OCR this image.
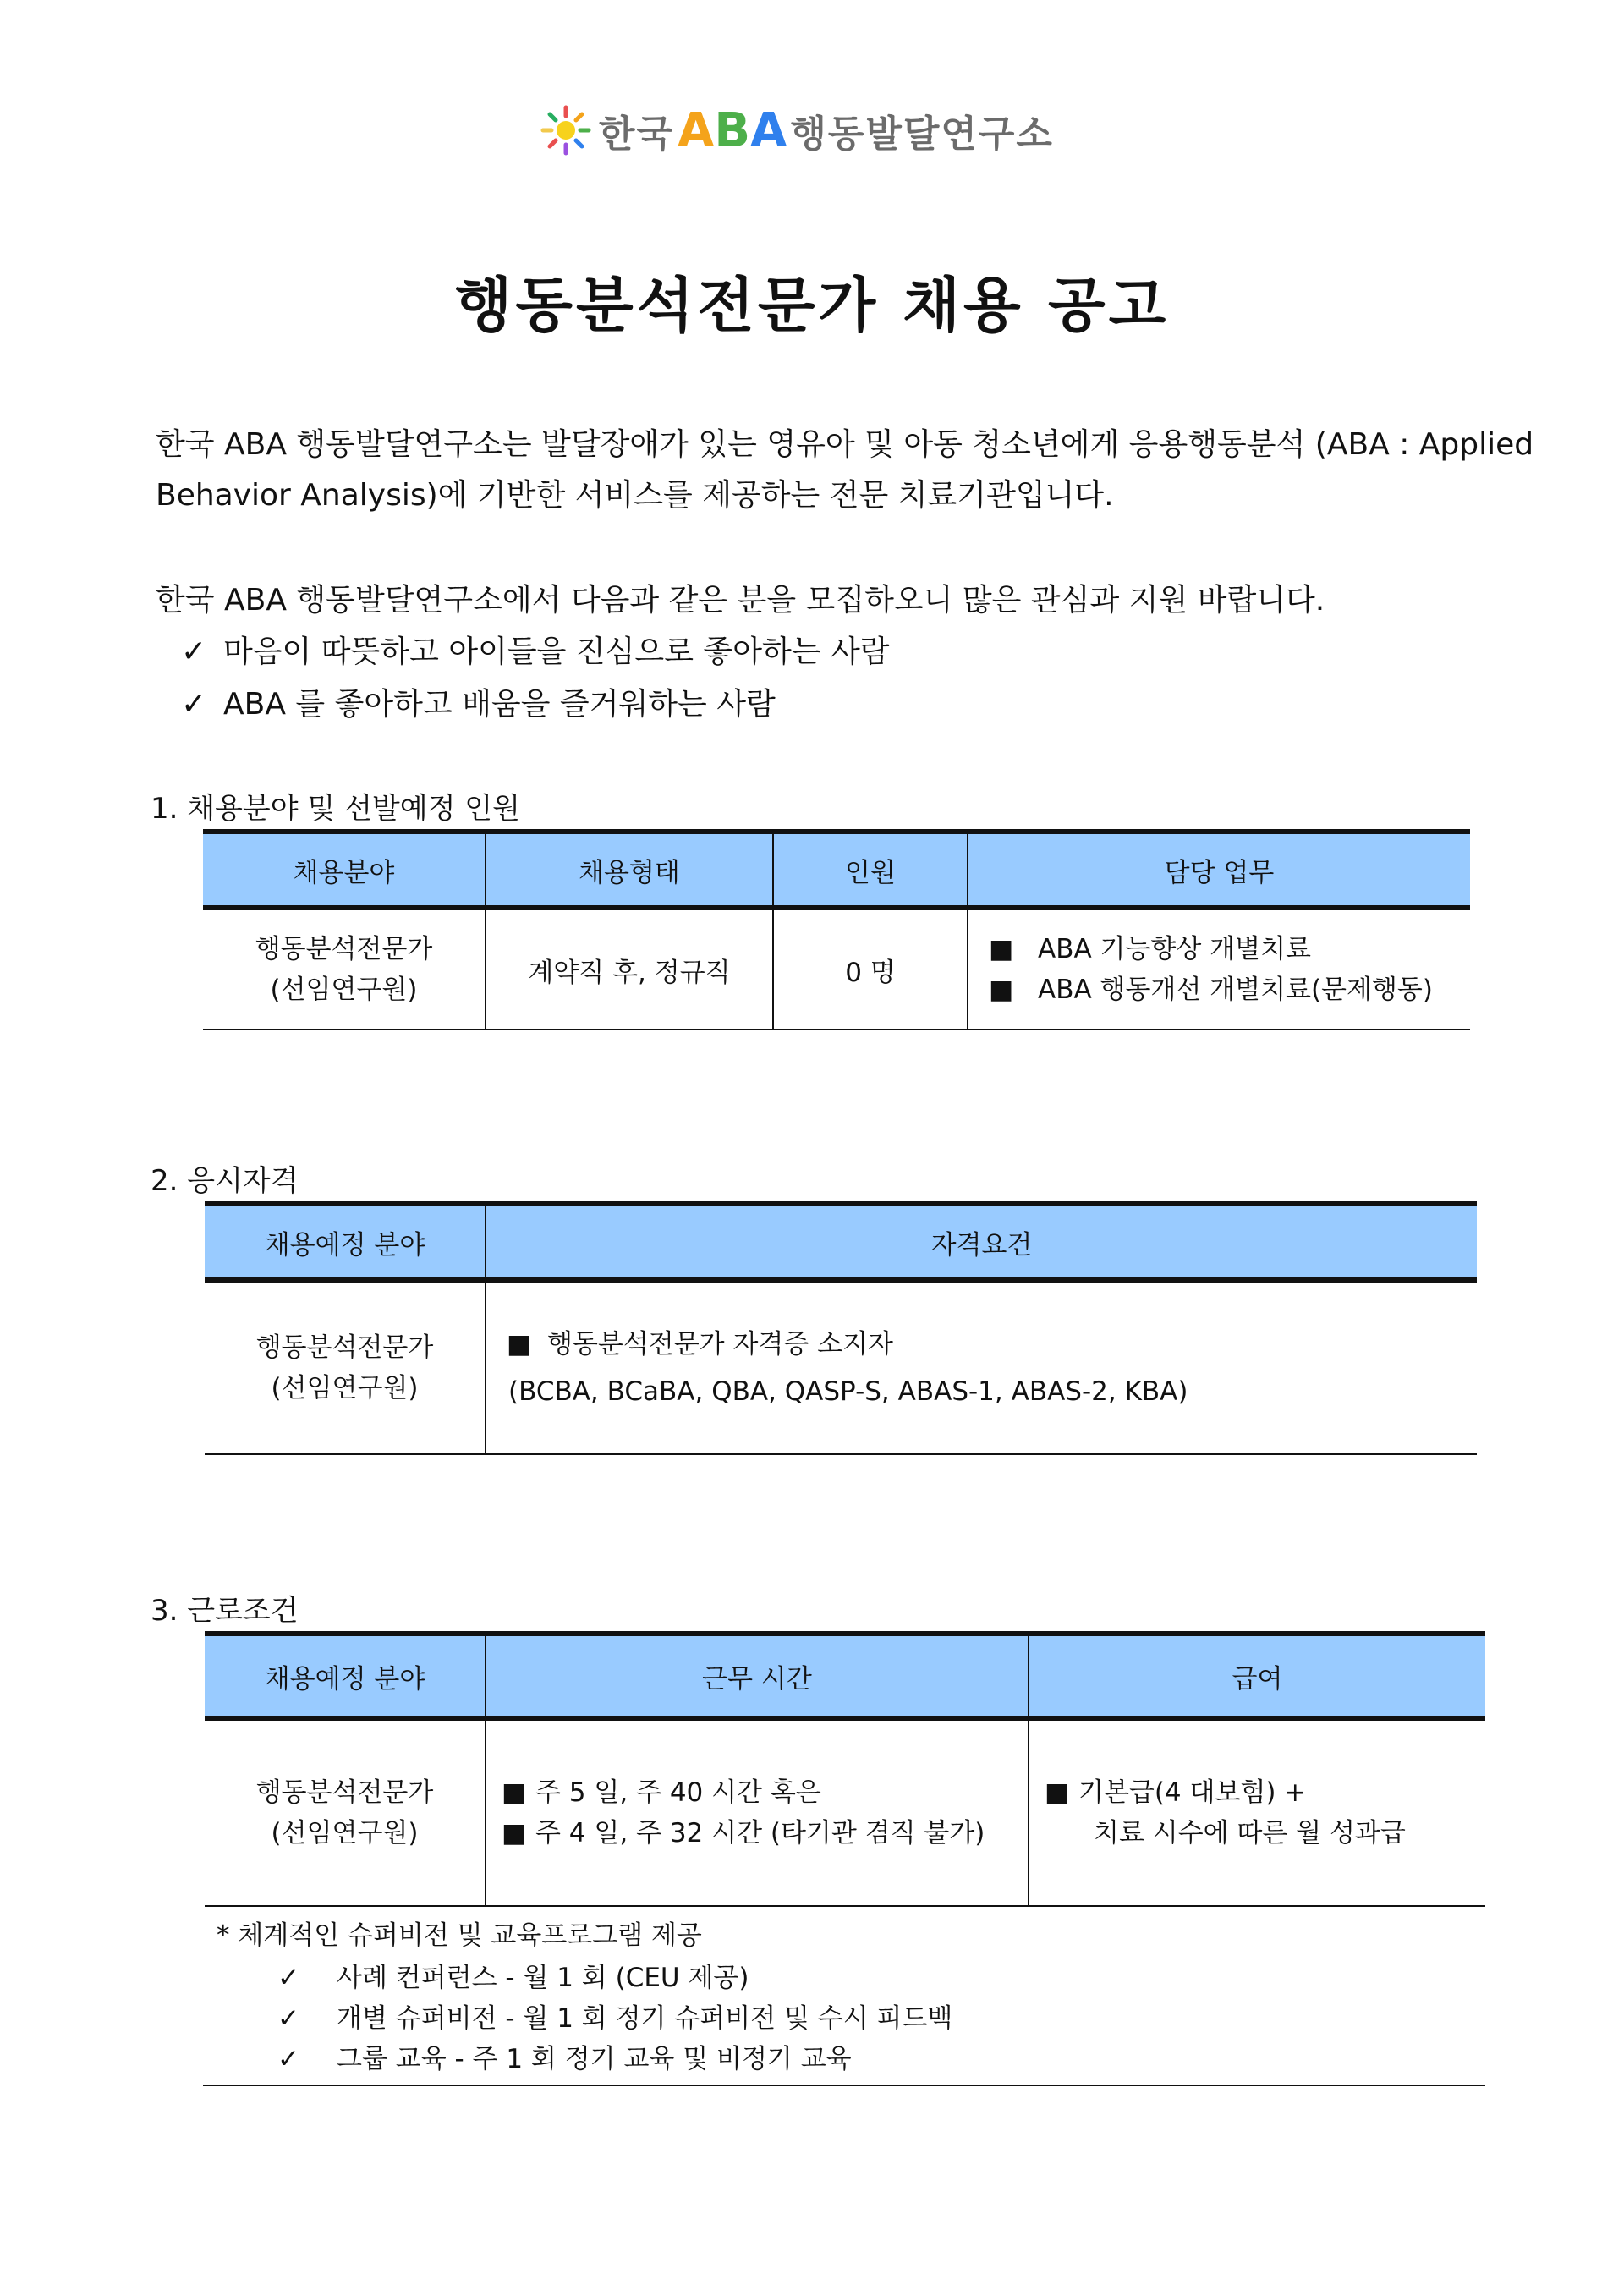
한국 ABA 행동발달연구소
행동분석전문가 채용 공고
한국 ABA 행동발달연구소는 발달장애가 있는 영유아 및 아동 청소년에게 응용행동분석 (ABA : Applied
Behavior Analysis)에 기반한 서비스를 제공하는 전문 치료기관입니다.
한국 ABA 행동발달연구소에서 다음과 같은 분을 모집하오니 많은 관심과 지원 바랍니다.
✓ 마음이 따뜻하고 아이들을 진심으로 좋아하는 사람
✓ ABA 를 좋아하고 배움을 즐거워하는 사람
1. 채용분야 및 선발예정 인원
채용분야	채용형태	인원	담당 업무

행동분석전문가
(선임연구원)	계약직 후, 정규직	0 명	■ ABA 기능향상 개별치료
■ ABA 행동개선 개별치료(문제행동)
2. 응시자격
채용예정 분야	자격요건

행동분석전문가
(선임연구원)	■ 행동분석전문가 자격증 소지자
(BCBA, BCaBA, QBA, QASP-S, ABAS-1, ABAS-2, KBA)
3. 근로조건
채용예정 분야	근무 시간	급여

행동분석전문가
(선임연구원)	■ 주 5 일, 주 40 시간 혹은
■ 주 4 일, 주 32 시간 (타기관 겸직 불가)	■ 기본급(4 대보험) +
치료 시수에 따른 월 성과급
* 체계적인 슈퍼비전 및 교육프로그램 제공
✓ 사례 컨퍼런스 - 월 1 회 (CEU 제공)
✓ 개별 슈퍼비전 - 월 1 회 정기 슈퍼비전 및 수시 피드백
✓ 그룹 교육 - 주 1 회 정기 교육 및 비정기 교육
